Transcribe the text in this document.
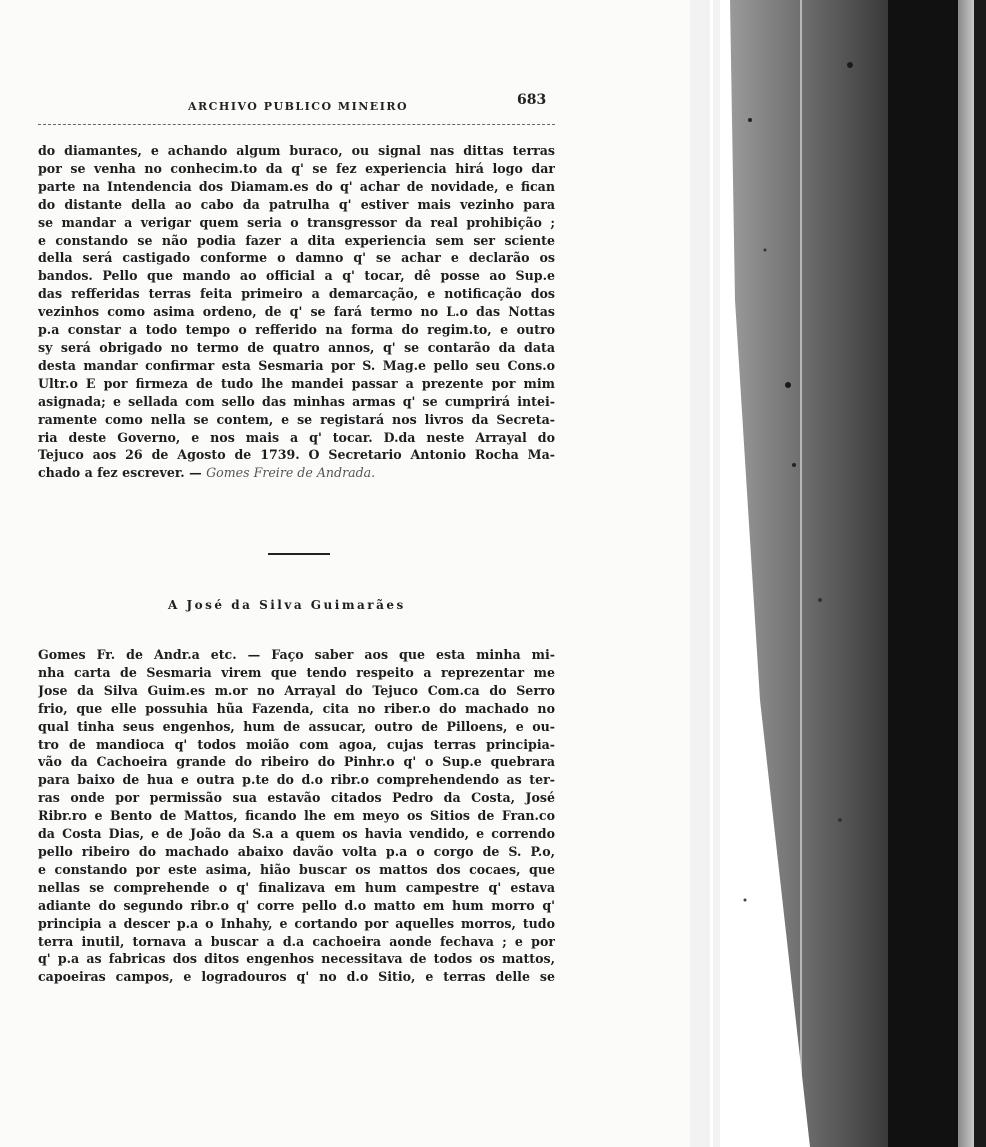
ARCHIVO PUBLICO MINEIRO	683
do diamantes, e achando algum buraco, ou signal nas dittas terras
por se venha no conhecim.to da q' se fez experiencia hirá logo dar
parte na Intendencia dos Diamam.es do q' achar de novidade, e fican
do distante della ao cabo da patrulha q' estiver mais vezinho para
se mandar a verigar quem seria o transgressor da real prohibição ;
e constando se não podia fazer a dita experiencia sem ser sciente
della será castigado conforme o damno q' se achar e declarão os
bandos. Pello que mando ao official a q' tocar, dê posse ao Sup.e
das refferidas terras feita primeiro a demarcação, e notificação dos
vezinhos como asima ordeno, de q' se fará termo no L.o das Nottas
p.a constar a todo tempo o refferido na forma do regim.to, e outro
sy será obrigado no termo de quatro annos, q' se contarão da data
desta mandar confirmar esta Sesmaria por S. Mag.e pello seu Cons.o
Ultr.o E por firmeza de tudo lhe mandei passar a prezente por mim
asignada; e sellada com sello das minhas armas q' se cumprirá intei-
ramente como nella se contem, e se registará nos livros da Secreta-
ria deste Governo, e nos mais a q' tocar. D.da neste Arrayal do
Tejuco aos 26 de Agosto de 1739. O Secretario Antonio Rocha Ma-
chado a fez escrever. — Gomes Freire de Andrada.
A José da Silva Guimarães
Gomes Fr. de Andr.a etc. — Faço saber aos que esta minha mi-
nha carta de Sesmaria virem que tendo respeito a reprezentar me
Jose da Silva Guim.es m.or no Arrayal do Tejuco Com.ca do Serro
frio, que elle possuhia hũa Fazenda, cita no riber.o do machado no
qual tinha seus engenhos, hum de assucar, outro de Pilloens, e ou-
tro de mandioca q' todos moião com agoa, cujas terras principia-
vão da Cachoeira grande do ribeiro do Pinhr.o q' o Sup.e quebrara
para baixo de hua e outra p.te do d.o ribr.o comprehendendo as ter-
ras onde por permissão sua estavão citados Pedro da Costa, José
Ribr.ro e Bento de Mattos, ficando lhe em meyo os Sitios de Fran.co
da Costa Dias, e de João da S.a a quem os havia vendido, e correndo
pello ribeiro do machado abaixo davão volta p.a o corgo de S. P.o,
e constando por este asima, hião buscar os mattos dos cocaes, que
nellas se comprehende o q' finalizava em hum campestre q' estava
adiante do segundo ribr.o q' corre pello d.o matto em hum morro q'
principia a descer p.a o Inhahy, e cortando por aquelles morros, tudo
terra inutil, tornava a buscar a d.a cachoeira aonde fechava ; e por
q' p.a as fabricas dos ditos engenhos necessitava de todos os mattos,
capoeiras campos, e logradouros q' no d.o Sitio, e terras delle se
